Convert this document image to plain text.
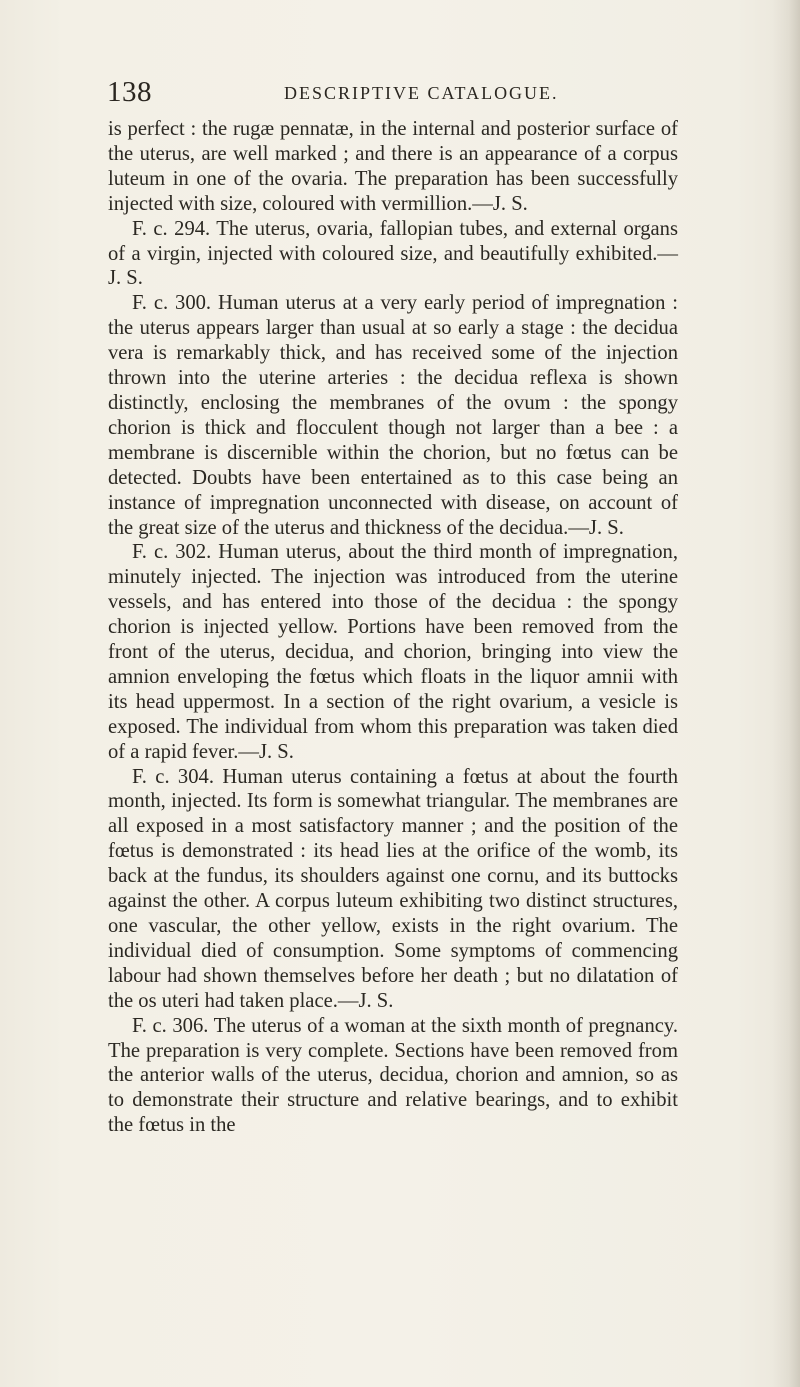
138	DESCRIPTIVE CATALOGUE.

is perfect : the rugæ pennatæ, in the internal and posterior surface of the uterus, are well marked ; and there is an appearance of a corpus luteum in one of the ovaria. The preparation has been successfully injected with size, coloured with vermillion.—J. S.

F. c. 294. The uterus, ovaria, fallopian tubes, and external organs of a virgin, injected with coloured size, and beautifully exhibited.—J. S.

F. c. 300. Human uterus at a very early period of impregnation : the uterus appears larger than usual at so early a stage : the decidua vera is remarkably thick, and has received some of the injection thrown into the uterine arteries : the decidua reflexa is shown distinctly, enclosing the membranes of the ovum : the spongy chorion is thick and flocculent though not larger than a bee : a membrane is discernible within the chorion, but no fœtus can be detected. Doubts have been entertained as to this case being an instance of impregnation unconnected with disease, on account of the great size of the uterus and thickness of the decidua.—J. S.

F. c. 302. Human uterus, about the third month of impregnation, minutely injected. The injection was introduced from the uterine vessels, and has entered into those of the decidua : the spongy chorion is injected yellow. Portions have been removed from the front of the uterus, decidua, and chorion, bringing into view the amnion enveloping the fœtus which floats in the liquor amnii with its head uppermost. In a section of the right ovarium, a vesicle is exposed. The individual from whom this preparation was taken died of a rapid fever.—J. S.

F. c. 304. Human uterus containing a fœtus at about the fourth month, injected. Its form is somewhat triangular. The membranes are all exposed in a most satisfactory manner ; and the position of the fœtus is demonstrated : its head lies at the orifice of the womb, its back at the fundus, its shoulders against one cornu, and its buttocks against the other. A corpus luteum exhibiting two distinct structures, one vascular, the other yellow, exists in the right ovarium. The individual died of consumption. Some symptoms of commencing labour had shown themselves before her death ; but no dilatation of the os uteri had taken place.—J. S.

F. c. 306. The uterus of a woman at the sixth month of pregnancy. The preparation is very complete. Sections have been removed from the anterior walls of the uterus, decidua, chorion and amnion, so as to demonstrate their structure and relative bearings, and to exhibit the fœtus in the
